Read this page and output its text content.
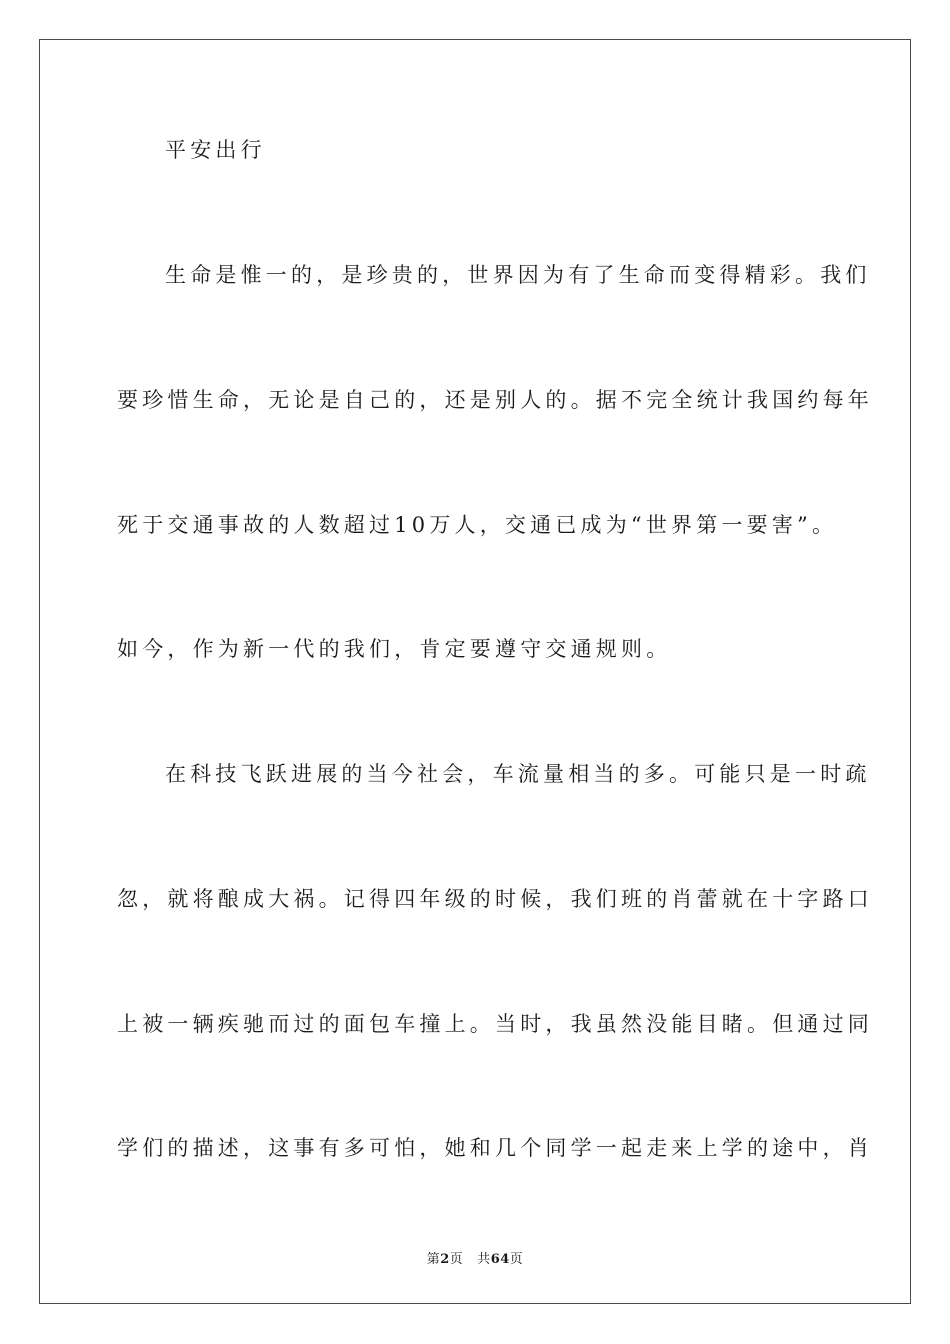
平安出行
生命是惟一的，是珍贵的，世界因为有了生命而变得精彩。我们
要珍惜生命，无论是自己的，还是别人的。据不完全统计我国约每年
死于交通事故的人数超过10万人，交通已成为“世界第一要害”。
如今，作为新一代的我们，肯定要遵守交通规则。
在科技飞跃进展的当今社会，车流量相当的多。可能只是一时疏
忽，就将酿成大祸。记得四年级的时候，我们班的肖蕾就在十字路口
上被一辆疾驰而过的面包车撞上。当时，我虽然没能目睹。但通过同
学们的描述，这事有多可怕，她和几个同学一起走来上学的途中，肖
第2页 共64页
